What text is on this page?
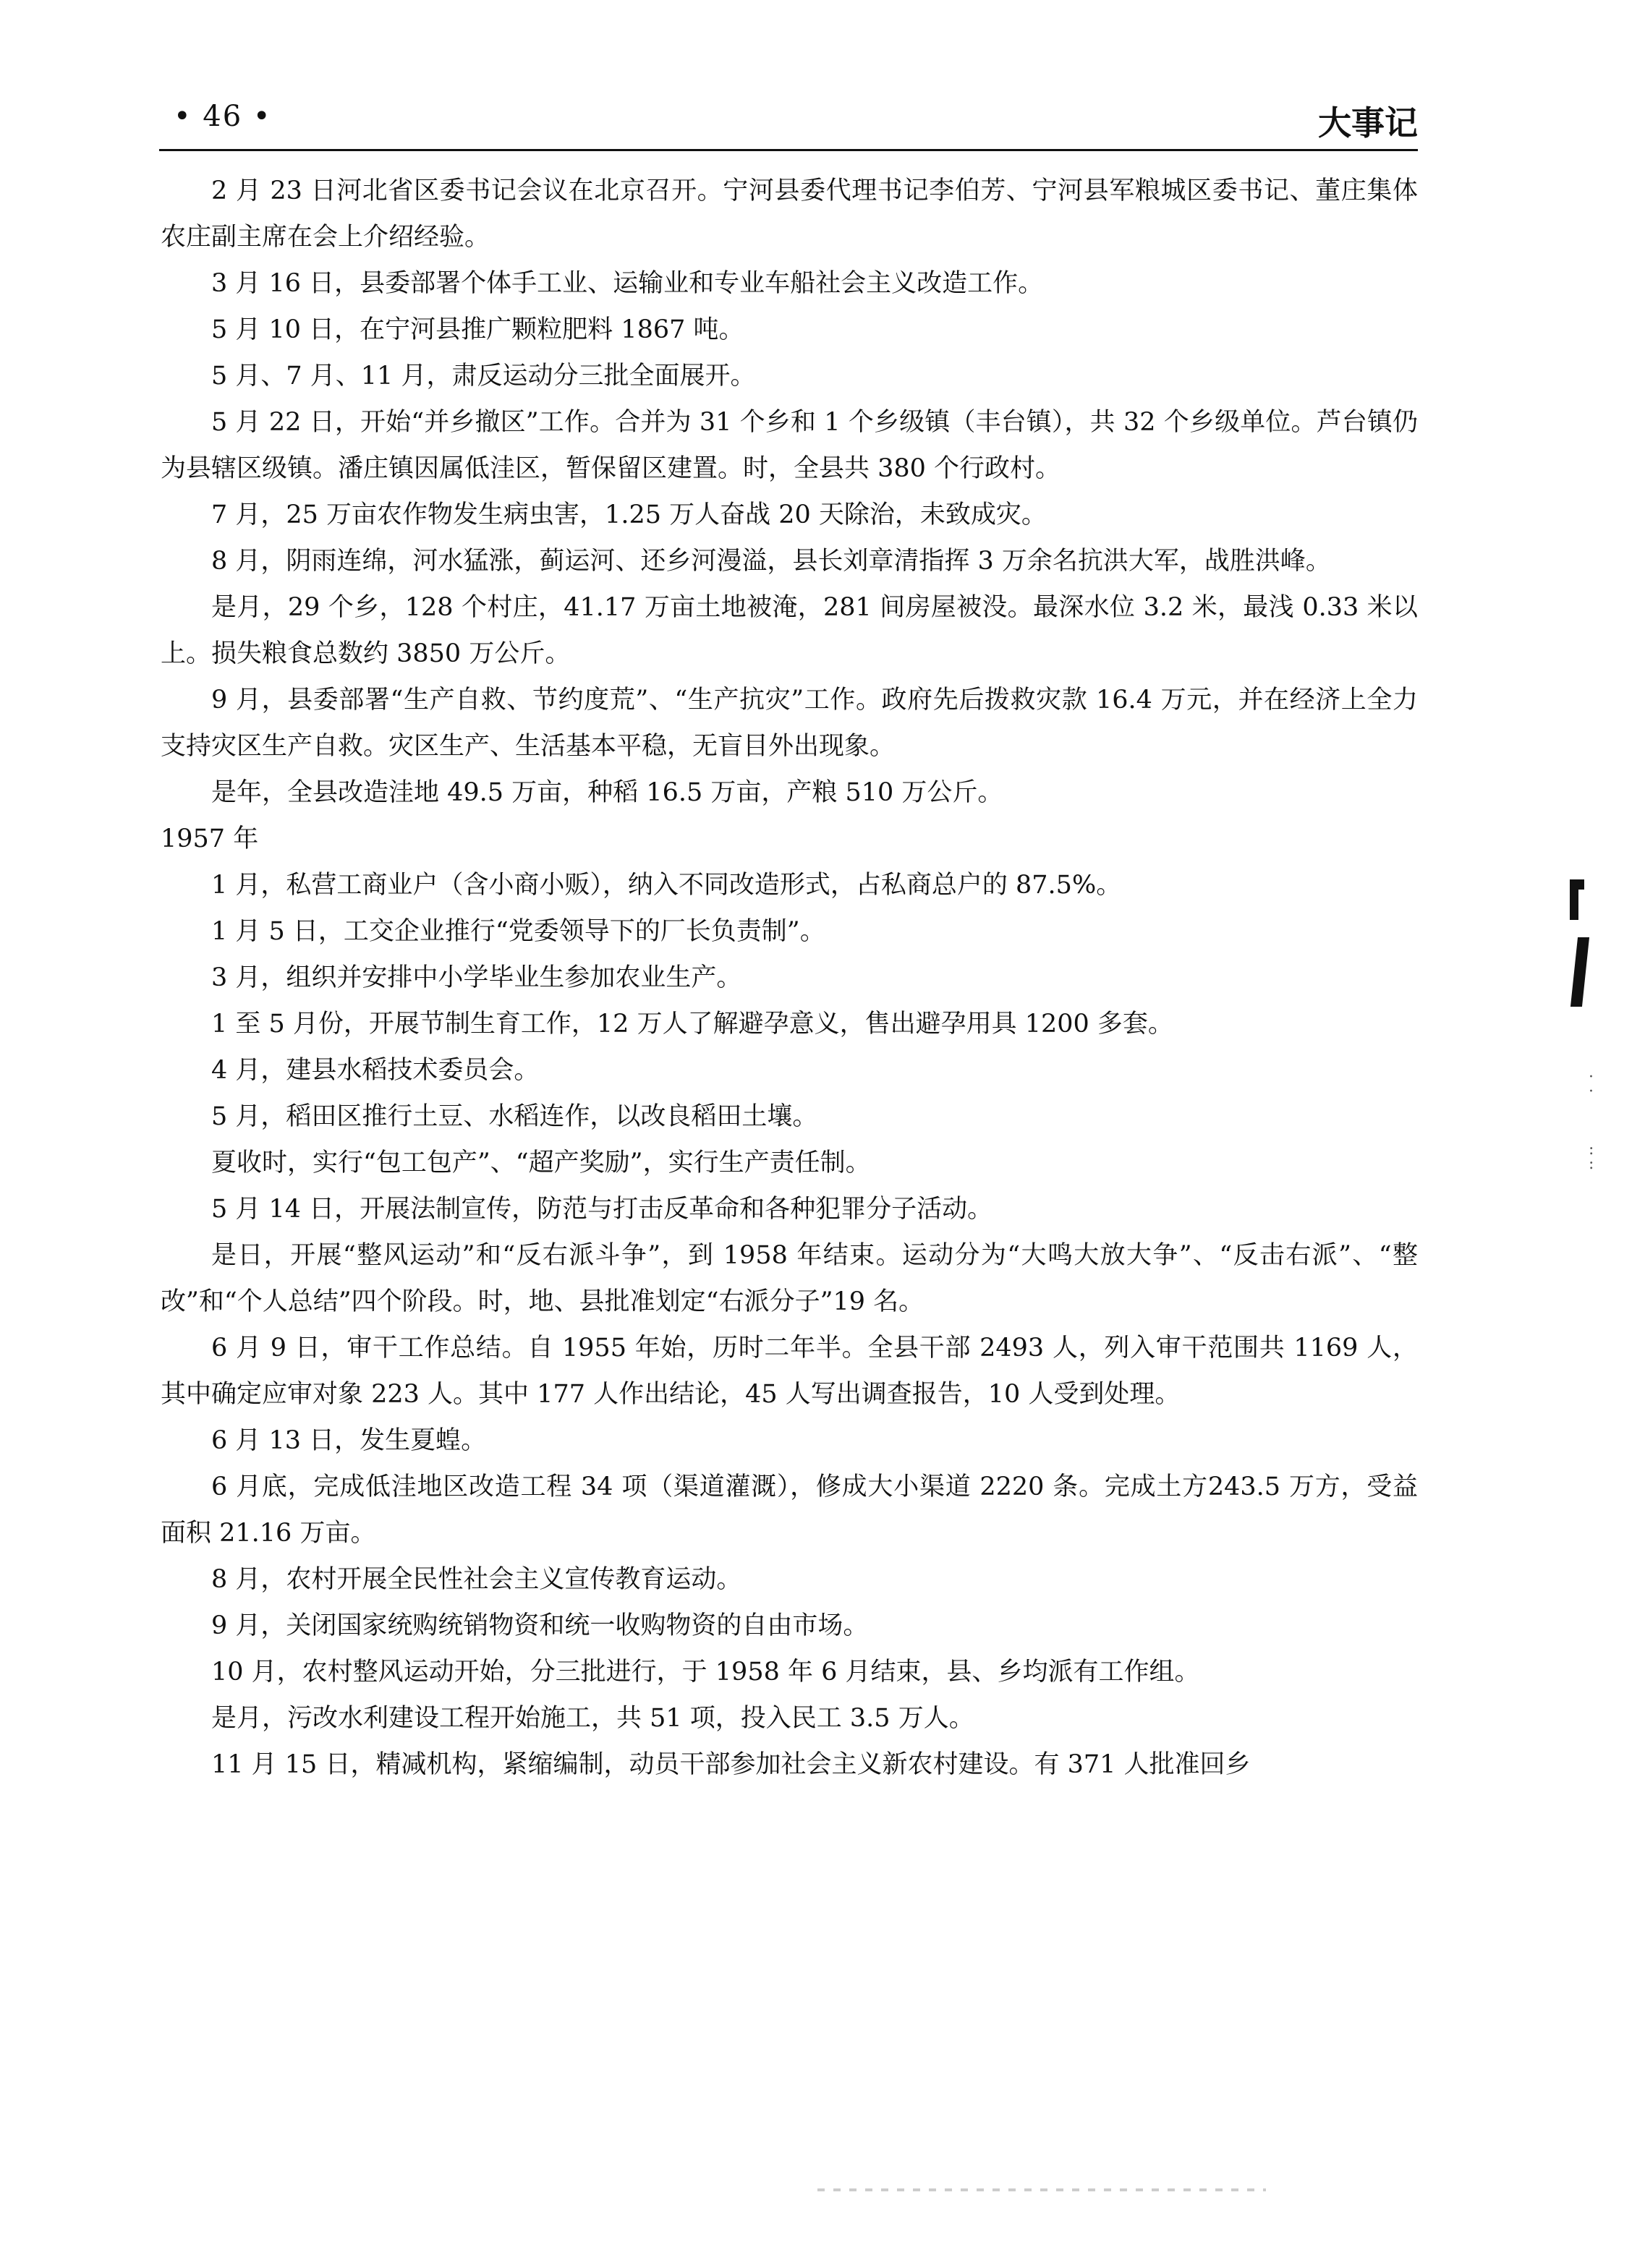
• 46 •	大事记

2 月 23 日河北省区委书记会议在北京召开。宁河县委代理书记李伯芳、宁河县军粮城区委书记、董庄集体农庄副主席在会上介绍经验。

3 月 16 日，县委部署个体手工业、运输业和专业车船社会主义改造工作。

5 月 10 日，在宁河县推广颗粒肥料 1867 吨。

5 月、7 月、11 月，肃反运动分三批全面展开。

5 月 22 日，开始“并乡撤区”工作。合并为 31 个乡和 1 个乡级镇（丰台镇），共 32 个乡级单位。芦台镇仍为县辖区级镇。潘庄镇因属低洼区，暂保留区建置。时，全县共 380 个行政村。

7 月，25 万亩农作物发生病虫害，1.25 万人奋战 20 天除治，未致成灾。

8 月，阴雨连绵，河水猛涨，蓟运河、还乡河漫溢，县长刘章清指挥 3 万余名抗洪大军，战胜洪峰。

是月，29 个乡，128 个村庄，41.17 万亩土地被淹，281 间房屋被没。最深水位 3.2 米，最浅 0.33 米以上。损失粮食总数约 3850 万公斤。

9 月，县委部署“生产自救、节约度荒”、“生产抗灾”工作。政府先后拨救灾款 16.4 万元，并在经济上全力支持灾区生产自救。灾区生产、生活基本平稳，无盲目外出现象。

是年，全县改造洼地 49.5 万亩，种稻 16.5 万亩，产粮 510 万公斤。

1957 年

1 月，私营工商业户（含小商小贩），纳入不同改造形式，占私商总户的 87.5%。

1 月 5 日，工交企业推行“党委领导下的厂长负责制”。

3 月，组织并安排中小学毕业生参加农业生产。

1 至 5 月份，开展节制生育工作，12 万人了解避孕意义，售出避孕用具 1200 多套。

4 月，建县水稻技术委员会。

5 月，稻田区推行土豆、水稻连作，以改良稻田土壤。

夏收时，实行“包工包产”、“超产奖励”，实行生产责任制。

5 月 14 日，开展法制宣传，防范与打击反革命和各种犯罪分子活动。

是日，开展“整风运动”和“反右派斗争”，到 1958 年结束。运动分为“大鸣大放大争”、“反击右派”、“整改”和“个人总结”四个阶段。时，地、县批准划定“右派分子”19 名。

6 月 9 日，审干工作总结。自 1955 年始，历时二年半。全县干部 2493 人，列入审干范围共 1169 人，其中确定应审对象 223 人。其中 177 人作出结论，45 人写出调查报告，10 人受到处理。

6 月 13 日，发生夏蝗。

6 月底，完成低洼地区改造工程 34 项（渠道灌溉），修成大小渠道 2220 条。完成土方243.5 万方，受益面积 21.16 万亩。

8 月，农村开展全民性社会主义宣传教育运动。

9 月，关闭国家统购统销物资和统一收购物资的自由市场。

10 月，农村整风运动开始，分三批进行，于 1958 年 6 月结束，县、乡均派有工作组。

是月，污改水利建设工程开始施工，共 51 项，投入民工 3.5 万人。

11 月 15 日，精减机构，紧缩编制，动员干部参加社会主义新农村建设。有 371 人批准回乡

·
·
:
:
